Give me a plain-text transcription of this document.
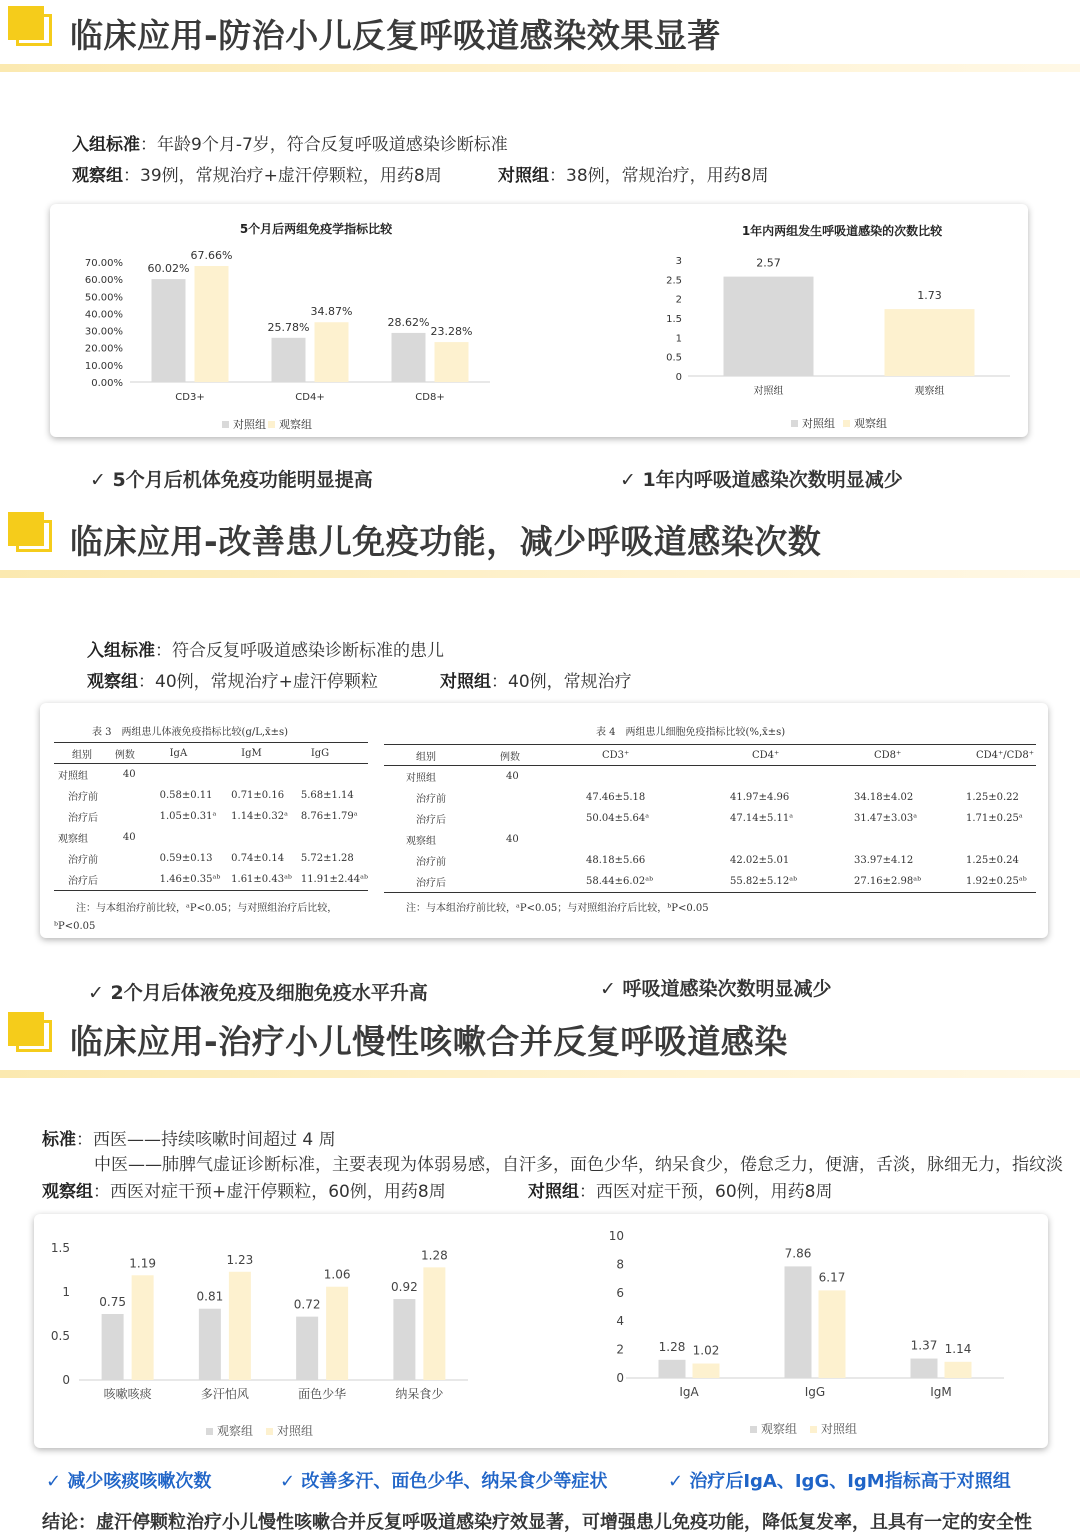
临床应用-防治小儿反复呼吸道感染效果显著
入组标准：年龄9个月-7岁，符合反复呼吸道感染诊断标准
观察组：39例，常规治疗+虚汗停颗粒，用药8周	对照组：38例，常规治疗，用药8周
5个月后两组免疫学指标比较
0.00%
10.00%
20.00%
30.00%
40.00%
50.00%
60.00%
70.00%
CD3+
60.02%
67.66%
CD4+
25.78%
34.87%
CD8+
28.62%
23.28%
对照组 观察组
1年内两组发生呼吸道感染的次数比较
0
0.5
1
1.5
2
2.5
3
对照组
2.57
观察组
1.73
对照组 观察组
✓ 5个月后机体免疫功能明显提高	✓ 1年内呼吸道感染次数明显减少
临床应用-改善患儿免疫功能，减少呼吸道感染次数
入组标准：符合反复呼吸道感染诊断标准的患儿
观察组：40例，常规治疗+虚汗停颗粒	对照组：40例，常规治疗
表 3　两组患儿体液免疫指标比较(g/L,x̄±s)
组别	例数	IgA	IgM	IgG
对照组	40			
治疗前		0.58±0.11	0.71±0.16	5.68±1.14
治疗后		1.05±0.31ᵃ	1.14±0.32ᵃ	8.76±1.79ᵃ
观察组	40			
治疗前		0.59±0.13	0.74±0.14	5.72±1.28
治疗后		1.46±0.35ᵃᵇ	1.61±0.43ᵃᵇ	11.91±2.44ᵃᵇ
注：与本组治疗前比较，ᵃP<0.05；与对照组治疗后比较，
ᵇP<0.05
表 4　两组患儿细胞免疫指标比较(%,x̄±s)
组别	例数	CD3⁺	CD4⁺	CD8⁺	CD4⁺/CD8⁺
对照组	40				
治疗前		47.46±5.18	41.97±4.96	34.18±4.02	1.25±0.22
治疗后		50.04±5.64ᵃ	47.14±5.11ᵃ	31.47±3.03ᵃ	1.71±0.25ᵃ
观察组	40				
治疗前		48.18±5.66	42.02±5.01	33.97±4.12	1.25±0.24
治疗后		58.44±6.02ᵃᵇ	55.82±5.12ᵃᵇ	27.16±2.98ᵃᵇ	1.92±0.25ᵃᵇ
注：与本组治疗前比较，ᵃP<0.05；与对照组治疗后比较，ᵇP<0.05
✓ 2个月后体液免疫及细胞免疫水平升高	✓ 呼吸道感染次数明显减少
临床应用-治疗小儿慢性咳嗽合并反复呼吸道感染
标准：西医——持续咳嗽时间超过 4 周
中医——肺脾气虚证诊断标准，主要表现为体弱易感，自汗多，面色少华，纳呆食少，倦怠乏力，便溏，舌淡，脉细无力，指纹淡
观察组：西医对症干预+虚汗停颗粒，60例，用药8周	对照组：西医对症干预，60例，用药8周
0
0.5
1
1.5
咳嗽咳痰
0.75
1.19
多汗怕风
0.81
1.23
面色少华
0.72
1.06
纳呆食少
0.92
1.28
观察组 对照组
0
2
4
6
8
10
IgA
1.28 1.02
IgG
7.86
6.17
IgM
1.37 1.14
观察组 对照组
✓ 减少咳痰咳嗽次数	✓ 改善多汗、面色少华、纳呆食少等症状	✓ 治疗后IgA、IgG、IgM指标高于对照组
结论：虚汗停颗粒治疗小儿慢性咳嗽合并反复呼吸道感染疗效显著，可增强患儿免疫功能，降低复发率，且具有一定的安全性
